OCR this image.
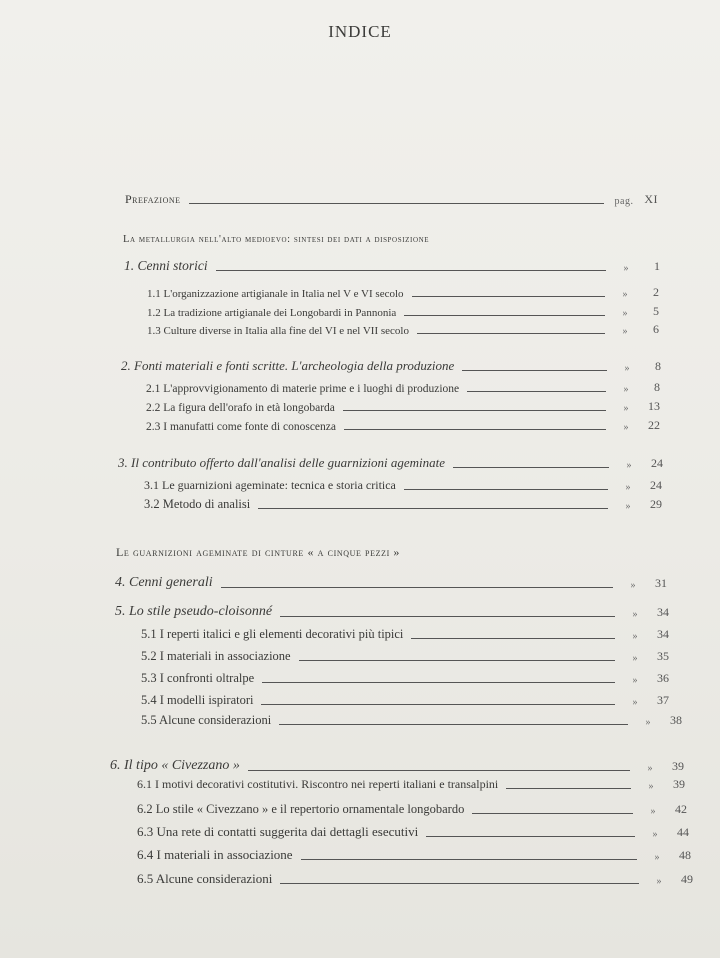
INDICE
Prefazione	pag. XI
La metallurgia nell'alto medioevo: sintesi dei dati a disposizione
1. Cenni storici	»	1
1.1 L'organizzazione artigianale in Italia nel V e VI secolo	»	2
1.2 La tradizione artigianale dei Longobardi in Pannonia	»	5
1.3 Culture diverse in Italia alla fine del VI e nel VII secolo	»	6
2. Fonti materiali e fonti scritte. L'archeologia della produzione	»	8
2.1 L'approvvigionamento di materie prime e i luoghi di produzione	»	8
2.2 La figura dell'orafo in età longobarda	»	13
2.3 I manufatti come fonte di conoscenza	»	22
3. Il contributo offerto dall'analisi delle guarnizioni ageminate	»	24
3.1 Le guarnizioni ageminate: tecnica e storia critica	»	24
3.2 Metodo di analisi	»	29
Le guarnizioni ageminate di cinture « a cinque pezzi »
4. Cenni generali	»	31
5. Lo stile pseudo-cloisonné	»	34
5.1 I reperti italici e gli elementi decorativi più tipici	»	34
5.2 I materiali in associazione	»	35
5.3 I confronti oltralpe	»	36
5.4 I modelli ispiratori	»	37
5.5 Alcune considerazioni	»	38
6. Il tipo « Civezzano »	»	39
6.1 I motivi decorativi costitutivi. Riscontro nei reperti italiani e transalpini	»	39
6.2 Lo stile « Civezzano » e il repertorio ornamentale longobardo	»	42
6.3 Una rete di contatti suggerita dai dettagli esecutivi	»	44
6.4 I materiali in associazione	»	48
6.5 Alcune considerazioni	»	49
